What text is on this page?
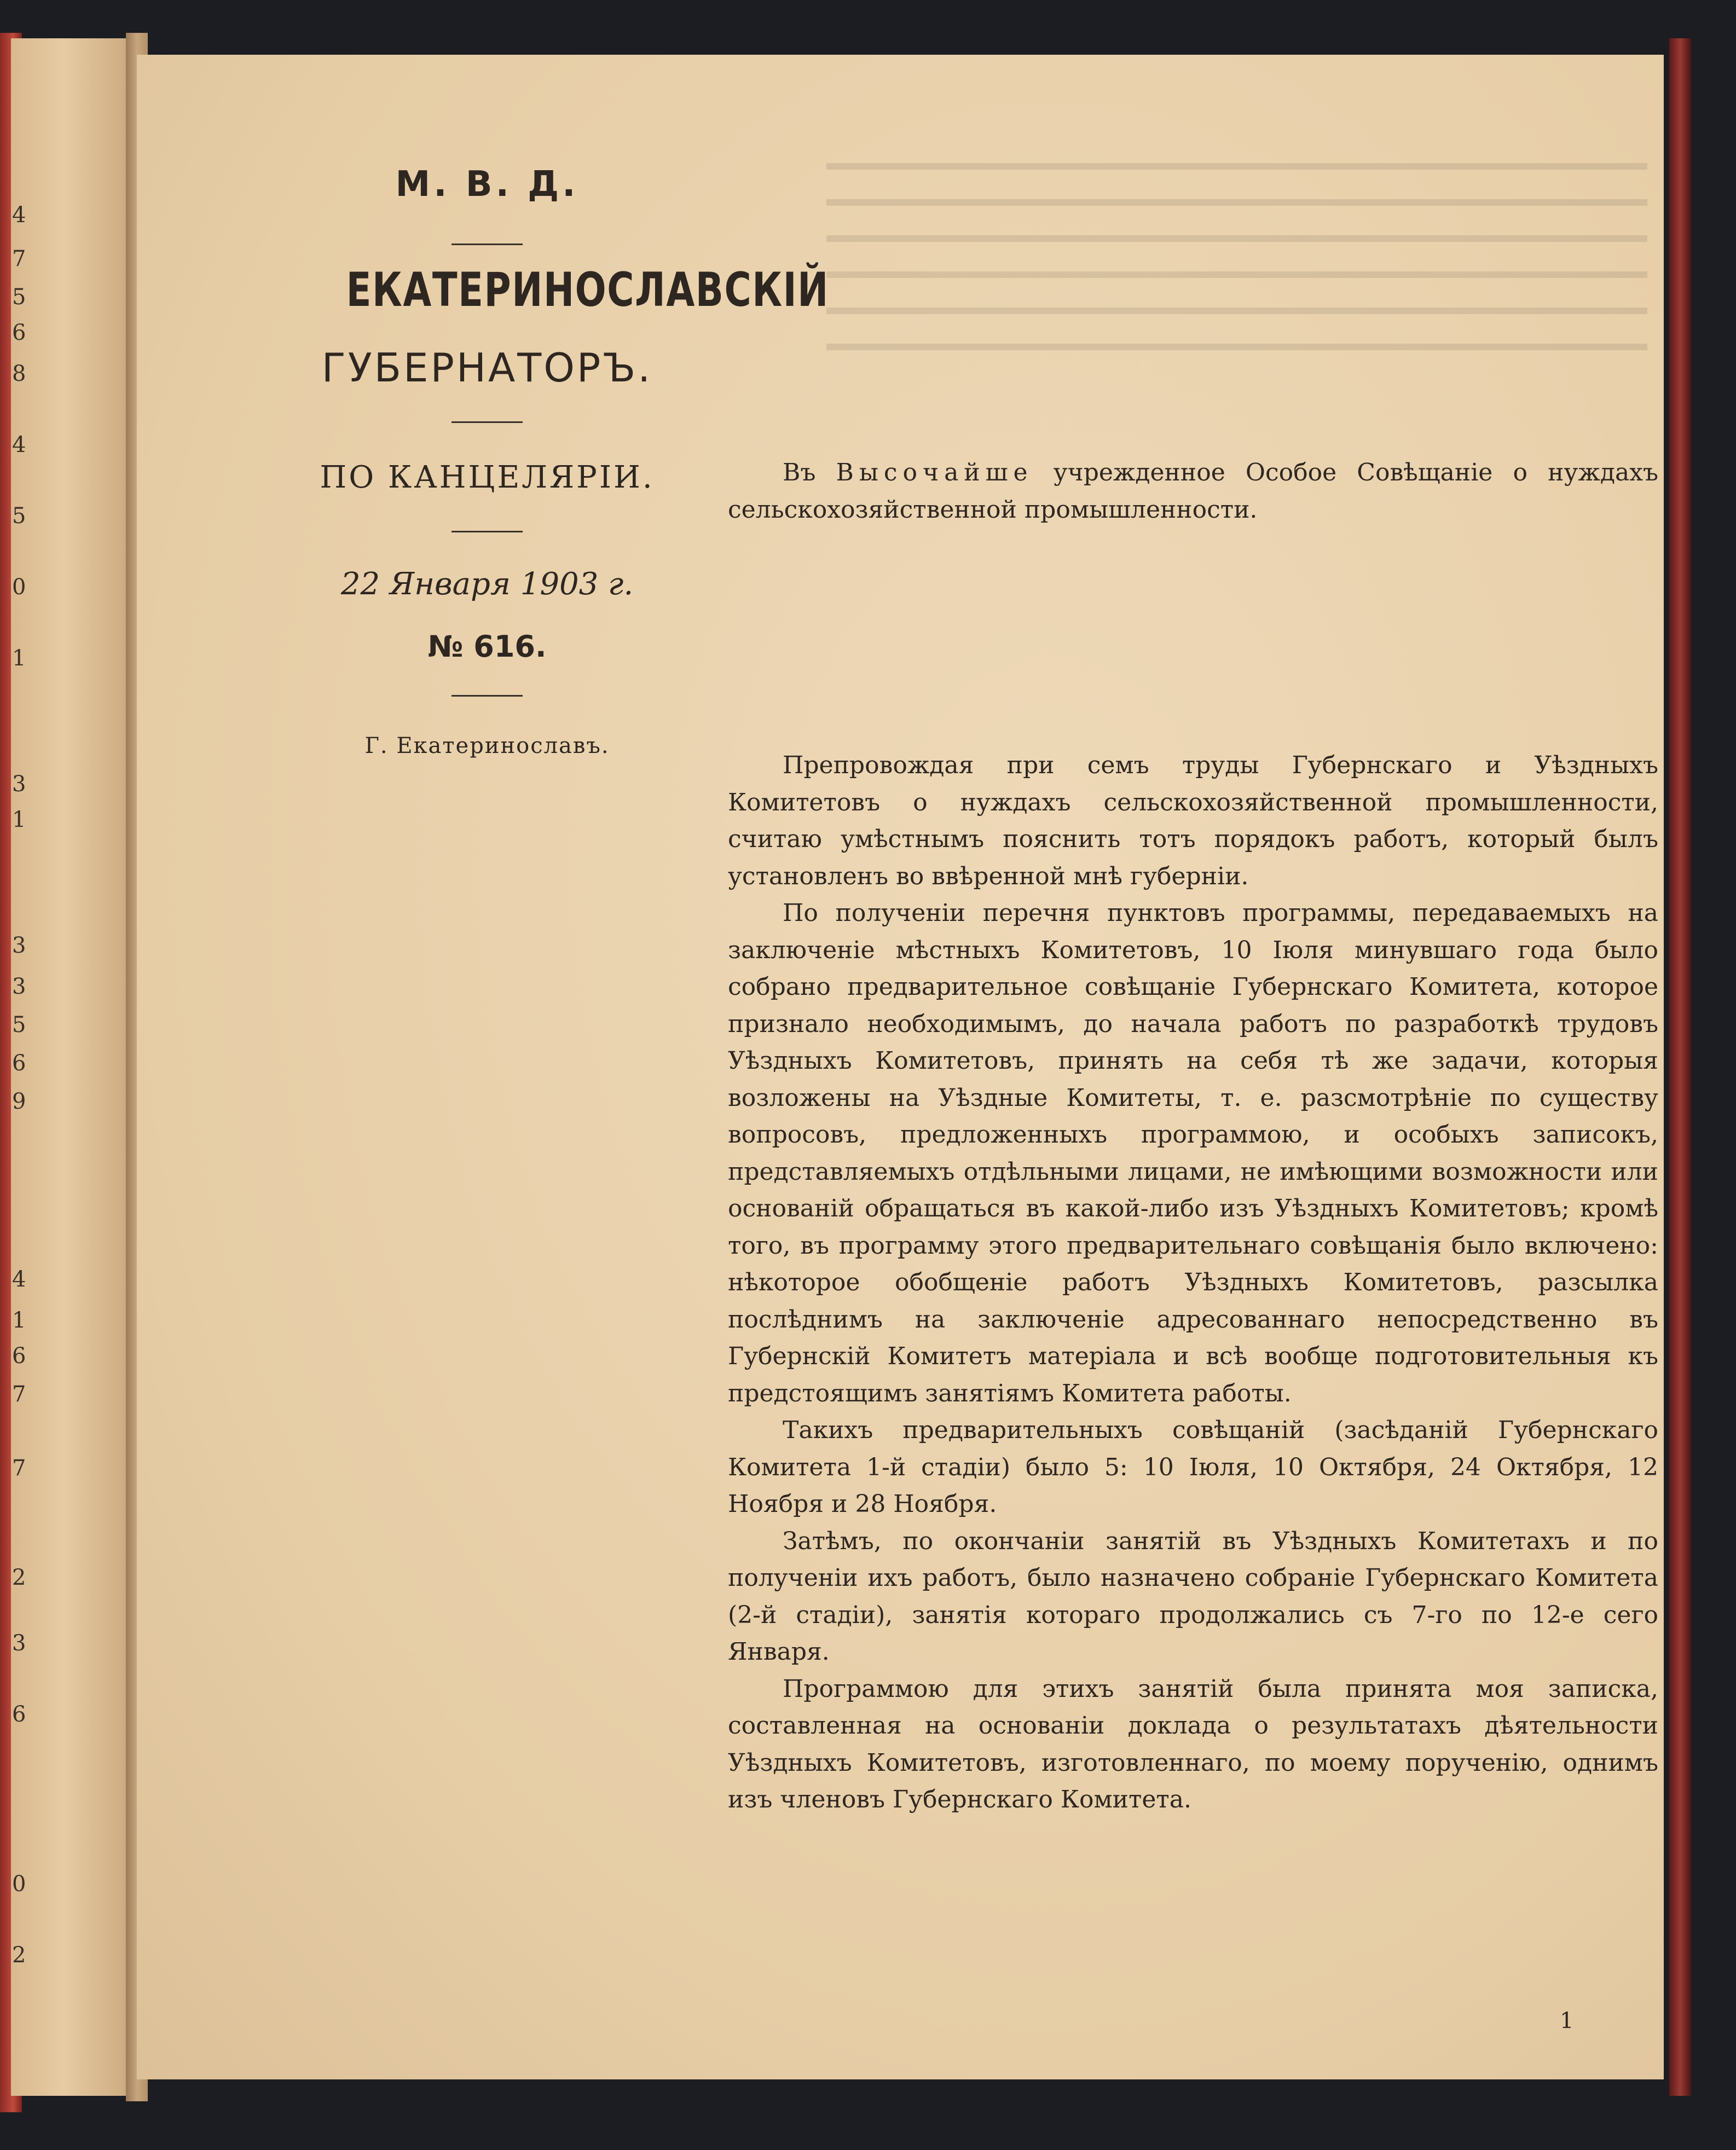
4
7
5
6
8
4
5
0
1
3
1
3
3
5
6
9
4
1
6
7
7
2
3
6
0
2
М. В. Д.
ЕКАТЕРИНОСЛАВСКІЙ
ГУБЕРНАТОРЪ.
ПО КАНЦЕЛЯРІИ.
22 Января 1903 г.
№ 616.
Г. Екатеринославъ.
Въ Высочайше учрежденное Особое Совѣщаніе о нуждахъ сельскохозяйственной промышленности.

Препровождая при семъ труды Губернскаго и Уѣздныхъ Комитетовъ о нуждахъ сельскохозяйственной промышленности, считаю умѣстнымъ пояснить тотъ порядокъ работъ, который былъ установленъ во ввѣренной мнѣ губерніи.

По полученіи перечня пунктовъ программы, передаваемыхъ на заключеніе мѣстныхъ Комитетовъ, 10 Іюля минувшаго года было собрано предварительное совѣщаніе Губернскаго Комитета, которое признало необходимымъ, до начала работъ по разработкѣ трудовъ Уѣздныхъ Комитетовъ, принять на себя тѣ же задачи, которыя возложены на Уѣздные Комитеты, т. е. разсмотрѣніе по существу вопросовъ, предложенныхъ программою, и особыхъ записокъ, представляемыхъ отдѣльными лицами, не имѣющими возможности или основаній обращаться въ какой-либо изъ Уѣздныхъ Комитетовъ; кромѣ того, въ программу этого предварительнаго совѣщанія было включено: нѣкоторое обобщеніе работъ Уѣздныхъ Комитетовъ, разсылка послѣднимъ на заключеніе адресованнаго непосредственно въ Губернскій Комитетъ матеріала и всѣ вообще подготовительныя къ предстоящимъ занятіямъ Комитета работы.

Такихъ предварительныхъ совѣщаній (засѣданій Губернскаго Комитета 1-й стадіи) было 5: 10 Іюля, 10 Октября, 24 Октября, 12 Ноября и 28 Ноября.

Затѣмъ, по окончаніи занятій въ Уѣздныхъ Комитетахъ и по полученіи ихъ работъ, было назначено собраніе Губернскаго Комитета (2-й стадіи), занятія котораго продолжались съ 7-го по 12-е сего Января.

Программою для этихъ занятій была принята моя записка, составленная на основаніи доклада о результатахъ дѣятельности Уѣздныхъ Комитетовъ, изготовленнаго, по моему порученію, однимъ изъ членовъ Губернскаго Комитета.

1
